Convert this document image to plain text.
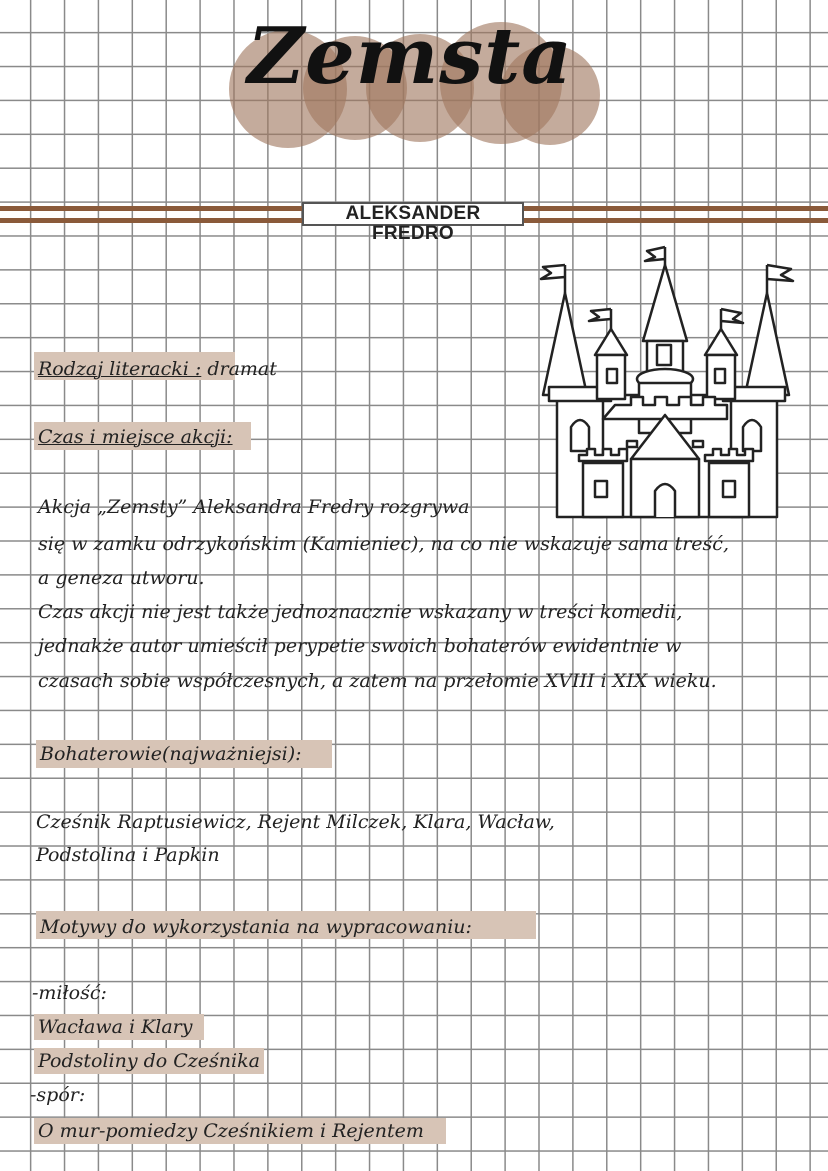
Zemsta
ALEKSANDER FREDRO
Rodzaj literacki : dramat
Czas i miejsce akcji:
Akcja „Zemsty” Aleksandra Fredry rozgrywa
się w zamku odrzykońskim (Kamieniec), na co nie wskazuje sama treść,
a geneza utworu.
Czas akcji nie jest także jednoznacznie wskazany w treści komedii,
jednakże autor umieścił perypetie swoich bohaterów ewidentnie w
czasach sobie współczesnych, a zatem na przełomie XVIII i XIX wieku.
Bohaterowie(najważniejsi):
Cześnik Raptusiewicz, Rejent Milczek, Klara, Wacław,
Podstolina i Papkin
Motywy do wykorzystania na wypracowaniu:
-miłość:
Wacława i Klary
Podstoliny do Cześnika
-spór:
O mur-pomiedzy Cześnikiem i Rejentem
